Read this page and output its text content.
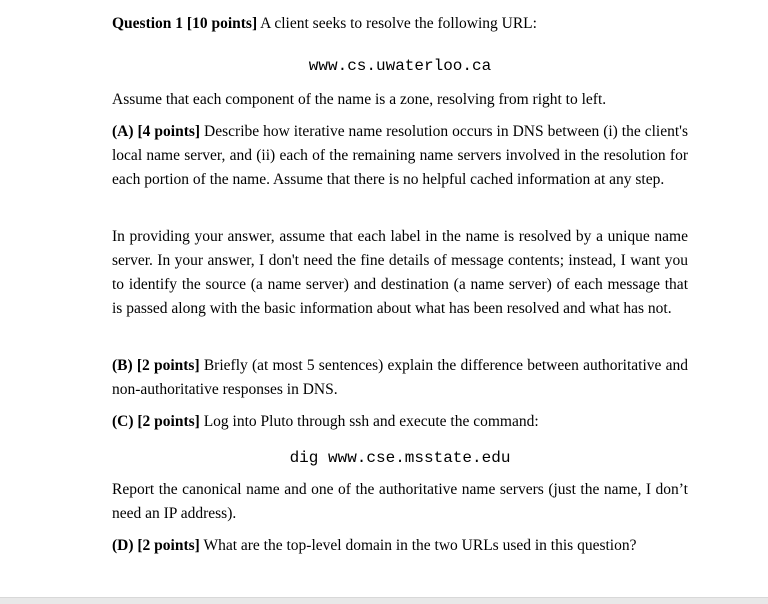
Question 1 [10 points] A client seeks to resolve the following URL:

www.cs.uwaterloo.ca

Assume that each component of the name is a zone, resolving from right to left.

(A) [4 points] Describe how iterative name resolution occurs in DNS between (i) the client's local name server, and (ii) each of the remaining name servers involved in the resolution for each portion of the name. Assume that there is no helpful cached information at any step.

In providing your answer, assume that each label in the name is resolved by a unique name server. In your answer, I don't need the fine details of message contents; instead, I want you to identify the source (a name server) and destination (a name server) of each message that is passed along with the basic information about what has been resolved and what has not.

(B) [2 points] Briefly (at most 5 sentences) explain the difference between authoritative and non-authoritative responses in DNS.

(C) [2 points] Log into Pluto through ssh and execute the command:

dig www.cse.msstate.edu

Report the canonical name and one of the authoritative name servers (just the name, I don’t need an IP address).

(D) [2 points] What are the top-level domain in the two URLs used in this question?
